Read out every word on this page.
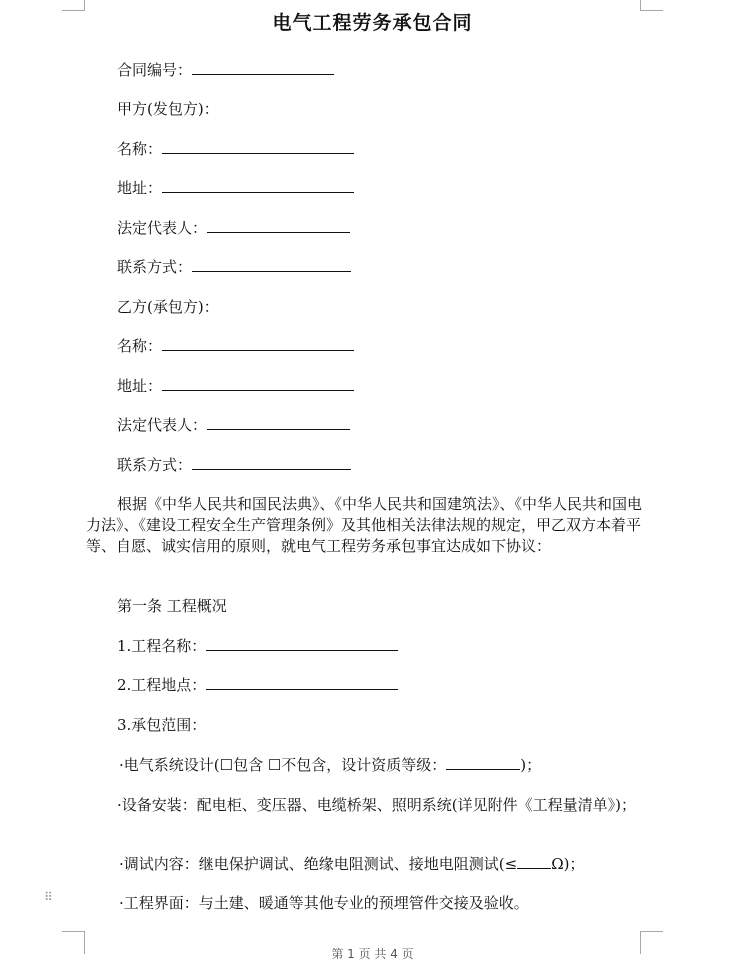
电气工程劳务承包合同
合同编号：
甲方(发包方)：
名称：
地址：
法定代表人：
联系方式：
乙方(承包方)：
名称：
地址：
法定代表人：
联系方式：
根据《中华人民共和国民法典》、《中华人民共和国建筑法》、《中华人民共和国电力法》、《建设工程安全生产管理条例》及其他相关法律法规的规定，甲乙双方本着平等、自愿、诚实信用的原则，就电气工程劳务承包事宜达成如下协议：
第一条 工程概况
1.工程名称：
2.工程地点：
3.承包范围：
·电气系统设计(☐包含 ☐不包含，设计资质等级：	)；
·设备安装：配电柜、变压器、电缆桥架、照明系统(详见附件《工程量清单》)；
·调试内容：继电保护调试、绝缘电阻测试、接地电阻测试(≤ Ω)；
·工程界面：与土建、暖通等其他专业的预埋管件交接及验收。
⠿
第 1 页 共 4 页
